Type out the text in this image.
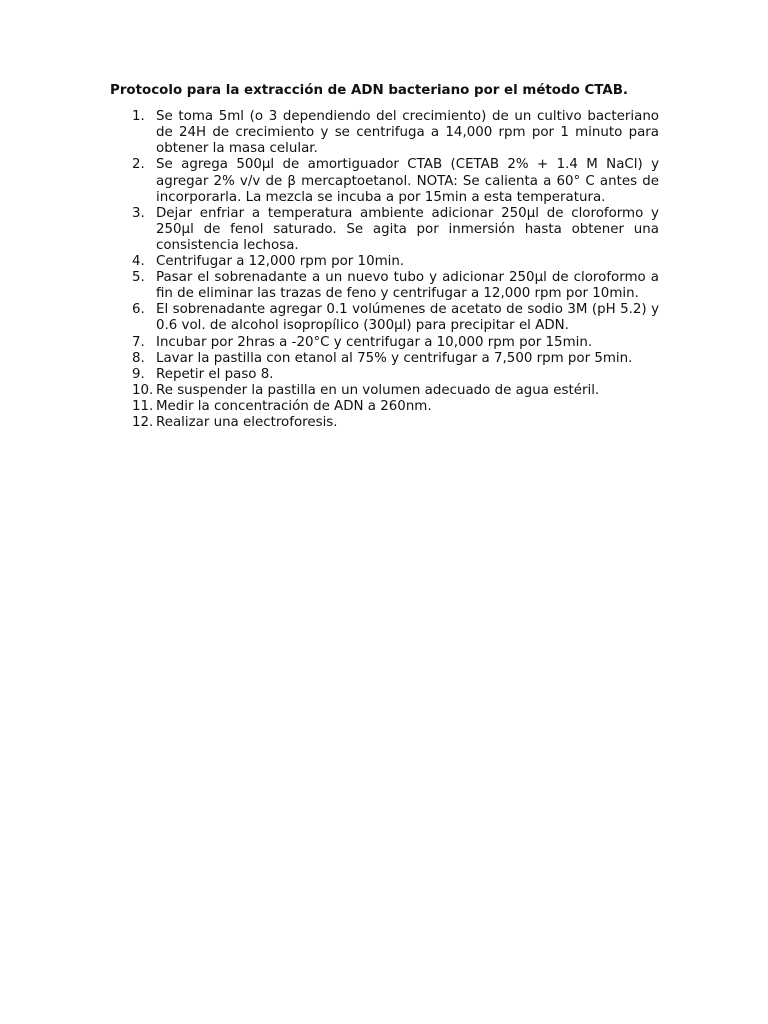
Protocolo para la extracción de ADN bacteriano por el método CTAB.
1. Se toma 5ml (o 3 dependiendo del crecimiento) de un cultivo bacteriano de 24H de crecimiento y se centrifuga a 14,000 rpm por 1 minuto para obtener la masa celular.
2. Se agrega 500µl de amortiguador CTAB (CETAB 2% + 1.4 M NaCl) y agregar 2% v/v de β mercaptoetanol. NOTA: Se calienta a 60° C antes de incorporarla. La mezcla se incuba a por 15min a esta temperatura.
3. Dejar enfriar a temperatura ambiente adicionar 250µl de cloroformo y 250µl de fenol saturado. Se agita por inmersión hasta obtener una consistencia lechosa.
4. Centrifugar a 12,000 rpm por 10min.
5. Pasar el sobrenadante a un nuevo tubo y adicionar 250µl de cloroformo a fin de eliminar las trazas de feno y centrifugar a 12,000 rpm por 10min.
6. El sobrenadante agregar 0.1 volúmenes de acetato de sodio 3M (pH 5.2) y 0.6 vol. de alcohol isopropílico (300µl) para precipitar el ADN.
7. Incubar por 2hras a -20°C y centrifugar a 10,000 rpm por 15min.
8. Lavar la pastilla con etanol al 75% y centrifugar a 7,500 rpm por 5min.
9. Repetir el paso 8.
10. Re suspender la pastilla en un volumen adecuado de agua estéril.
11. Medir la concentración de ADN a 260nm.
12. Realizar una electroforesis.
